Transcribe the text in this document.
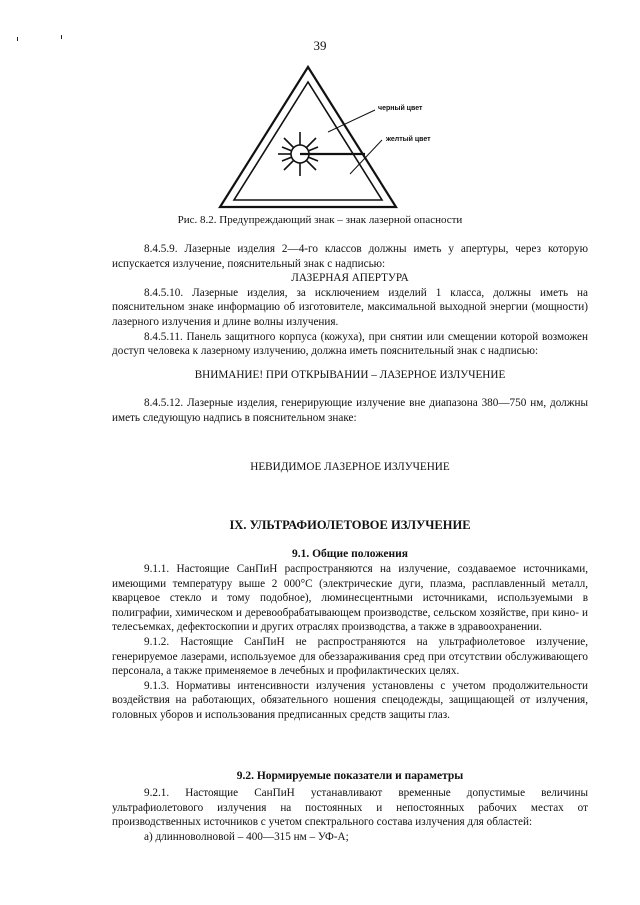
39
черный цвет
желтый цвет
Рис. 8.2. Предупреждающий знак – знак лазерной опасности

8.4.5.9. Лазерные изделия 2—4-го классов должны иметь у апертуры, через которую испускается излучение, пояснительный знак с надписью:

ЛАЗЕРНАЯ АПЕРТУРА

8.4.5.10. Лазерные изделия, за исключением изделий 1 класса, должны иметь на пояснительном знаке информацию об изготовителе, максимальной выходной энергии (мощности) лазерного излучения и длине волны излучения.

8.4.5.11. Панель защитного корпуса (кожуха), при снятии или смещении которой возможен доступ человека к лазерному излучению, должна иметь пояснительный знак с надписью:

ВНИМАНИЕ! ПРИ ОТКРЫВАНИИ – ЛАЗЕРНОЕ ИЗЛУЧЕНИЕ

8.4.5.12. Лазерные изделия, генерирующие излучение вне диапазона 380—750 нм, должны иметь следующую надпись в пояснительном знаке:

НЕВИДИМОЕ ЛАЗЕРНОЕ ИЗЛУЧЕНИЕ
IX. УЛЬТРАФИОЛЕТОВОЕ ИЗЛУЧЕНИЕ
9.1. Общие положения

9.1.1. Настоящие СанПиН распространяются на излучение, создаваемое источниками, имеющими температуру выше 2 000°С (электрические дуги, плазма, расплавленный металл, кварцевое стекло и тому подобное), люминесцентными источниками, используемыми в полиграфии, химическом и деревообрабатывающем производстве, сельском хозяйстве, при кино- и телесъемках, дефектоскопии и других отраслях производства, а также в здравоохранении.

9.1.2. Настоящие СанПиН не распространяются на ультрафиолетовое излучение, генерируемое лазерами, используемое для обеззараживания сред при отсутствии обслуживающего персонала, а также применяемое в лечебных и профилактических целях.

9.1.3. Нормативы интенсивности излучения установлены с учетом продолжительности воздействия на работающих, обязательного ношения спецодежды, защищающей от излучения, головных уборов и использования предписанных средств защиты глаз.

9.2. Нормируемые показатели и параметры

9.2.1. Настоящие СанПиН устанавливают временные допустимые величины ультрафиолетового излучения на постоянных и непостоянных рабочих местах от производственных источников с учетом спектрального состава излучения для областей:

а) длинноволновой – 400—315 нм – УФ-А;
